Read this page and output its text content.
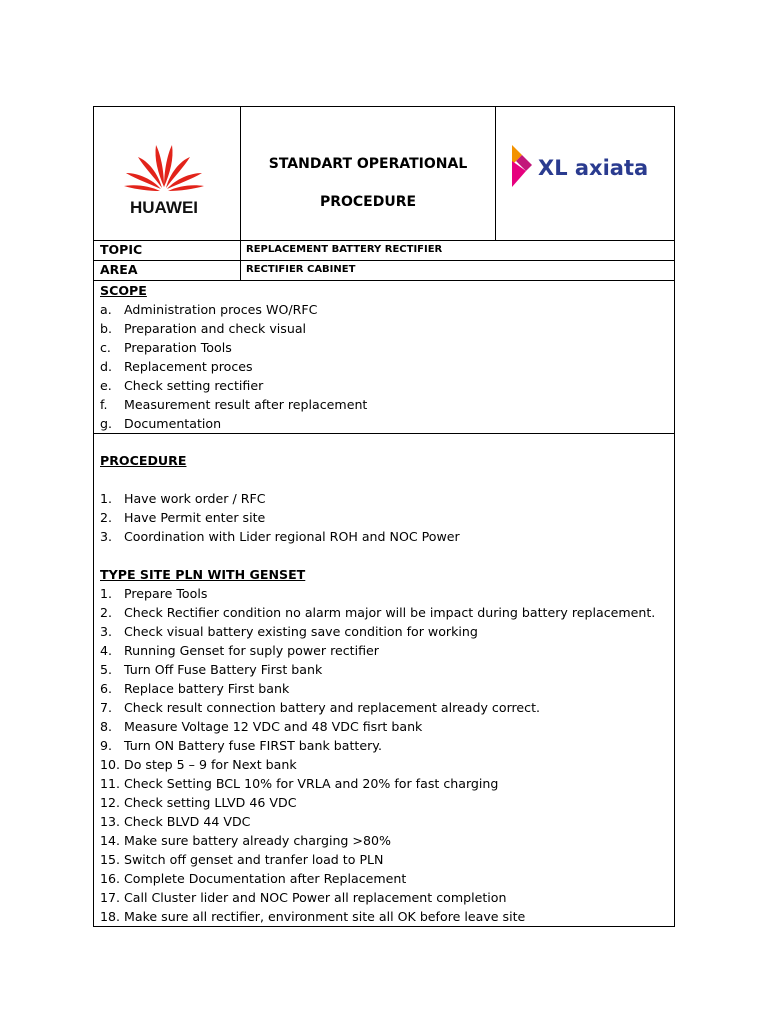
HUAWEI
STANDART OPERATIONAL
PROCEDURE
XL axiata
TOPIC	REPLACEMENT BATTERY RECTIFIER
AREA	RECTIFIER CABINET
SCOPE
a. Administration proces WO/RFC
b. Preparation and check visual
c. Preparation Tools
d. Replacement proces
e. Check setting rectifier
f. Measurement result after replacement
g. Documentation
PROCEDURE

1. Have work order / RFC
2. Have Permit enter site
3. Coordination with Lider regional ROH and NOC Power

TYPE SITE PLN WITH GENSET
1. Prepare Tools
2. Check Rectifier condition no alarm major will be impact during battery replacement.
3. Check visual battery existing save condition for working
4. Running Genset for suply power rectifier
5. Turn Off Fuse Battery First bank
6. Replace battery First bank
7. Check result connection battery and replacement already correct.
8. Measure Voltage 12 VDC and 48 VDC fisrt bank
9. Turn ON Battery fuse FIRST bank battery.
10. Do step 5 – 9 for Next bank
11. Check Setting BCL 10% for VRLA and 20% for fast charging
12. Check setting LLVD 46 VDC
13. Check BLVD 44 VDC
14. Make sure battery already charging >80%
15. Switch off genset and tranfer load to PLN
16. Complete Documentation after Replacement
17. Call Cluster lider and NOC Power all replacement completion
18. Make sure all rectifier, environment site all OK before leave site
